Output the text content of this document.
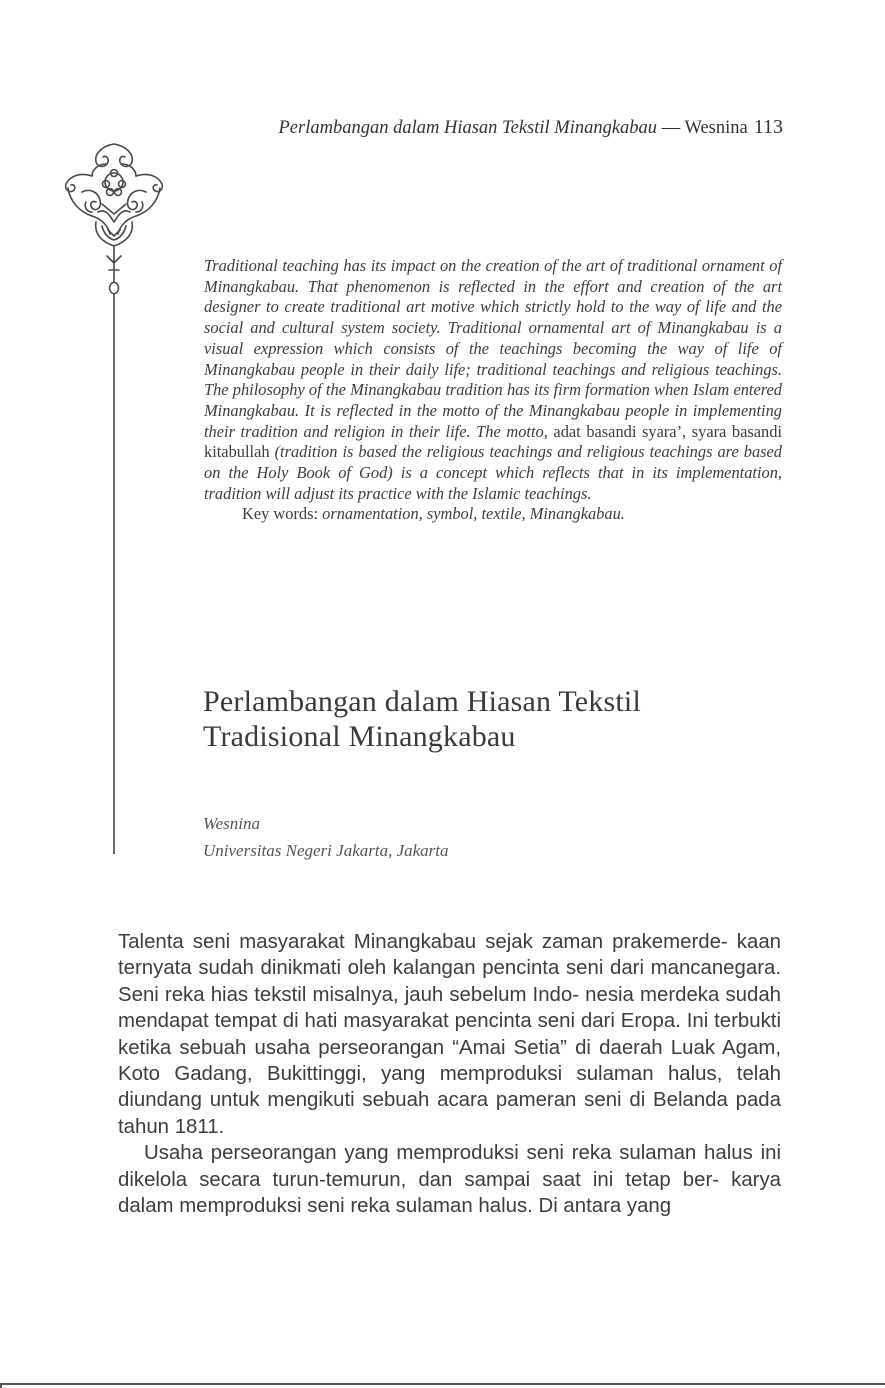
Perlambangan dalam Hiasan Tekstil Minangkabau — Wesnina 113

Traditional teaching has its impact on the creation of the art of traditional ornament of Minangkabau. That phenomenon is reflected in the effort and creation of the art designer to create traditional art motive which strictly hold to the way of life and the social and cultural system society. Traditional ornamental art of Minangkabau is a visual expression which consists of the teachings becoming the way of life of Minangkabau people in their daily life; traditional teachings and religious teachings. The philosophy of the Minangkabau tradition has its firm formation when Islam entered Minangkabau. It is reflected in the motto of the Minangkabau people in implementing their tradition and religion in their life. The motto, adat basandi syara’, syara basandi kitabullah (tradition is based the religious teachings and religious teachings are based on the Holy Book of God) is a concept which reflects that in its implementation, tradition will adjust its practice with the Islamic teachings.

Key words: ornamentation, symbol, textile, Minangkabau.

Perlambangan dalam Hiasan Tekstil
Tradisional Minangkabau
Wesnina
Universitas Negeri Jakarta, Jakarta

Talenta seni masyarakat Minangkabau sejak zaman prakemerde- kaan ternyata sudah dinikmati oleh kalangan pencinta seni dari mancanegara. Seni reka hias tekstil misalnya, jauh sebelum Indo- nesia merdeka sudah mendapat tempat di hati masyarakat pencinta seni dari Eropa. Ini terbukti ketika sebuah usaha perseorangan “Amai Setia” di daerah Luak Agam, Koto Gadang, Bukittinggi, yang memproduksi sulaman halus, telah diundang untuk mengikuti sebuah acara pameran seni di Belanda pada tahun 1811.

Usaha perseorangan yang memproduksi seni reka sulaman halus ini dikelola secara turun-temurun, dan sampai saat ini tetap ber- karya dalam memproduksi seni reka sulaman halus. Di antara yang
